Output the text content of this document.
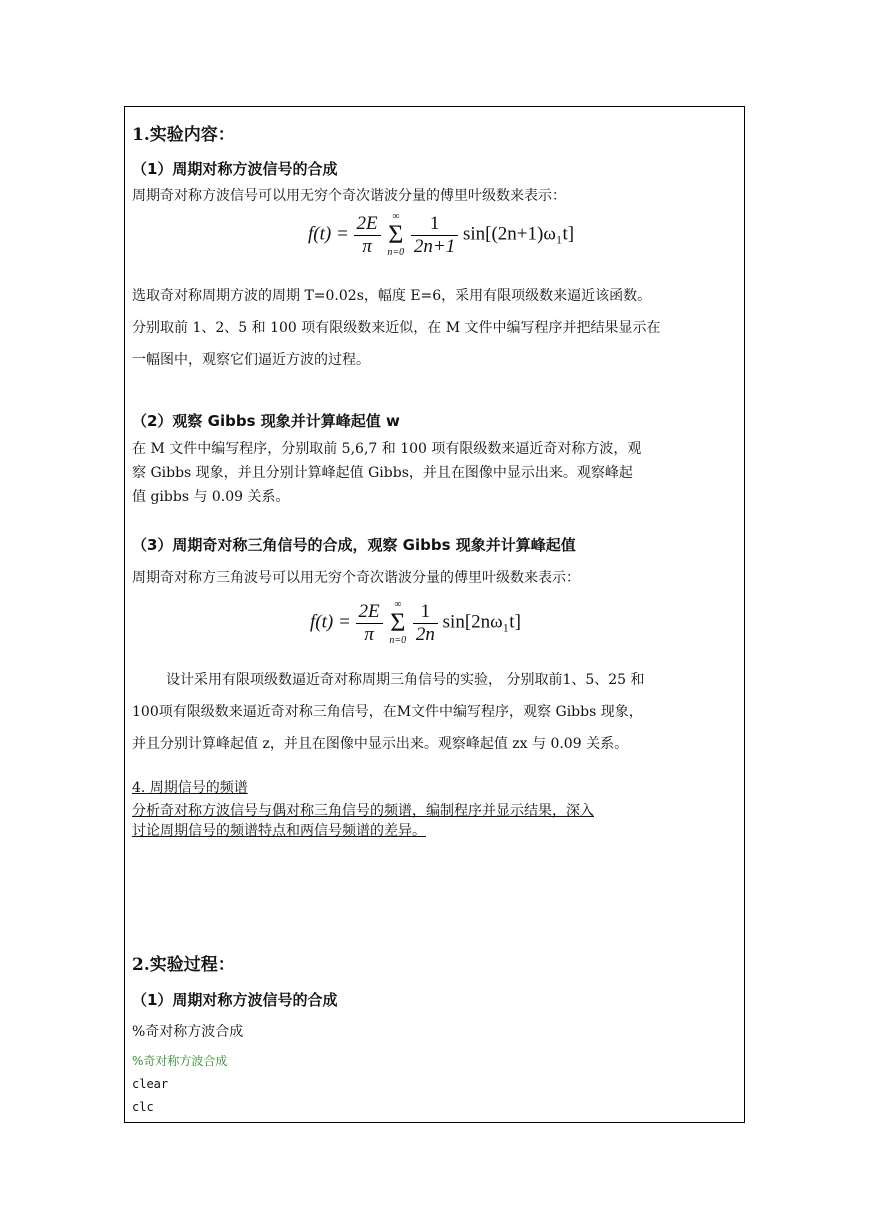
1.实验内容：
（1）周期对称方波信号的合成
周期奇对称方波信号可以用无穷个奇次谐波分量的傅里叶级数来表示：
$f(t) = \frac{2E}{\pi}$
	∞
Σ
n=0
$\frac{1}{2n+1} \sin[(2n+1)\omega_1t]$
选取奇对称周期方波的周期 T=0.02s，幅度 E=6，采用有限项级数来逼近该函数。
分别取前 1、2、5 和 100 项有限级数来近似，在 M 文件中编写程序并把结果显示在
一幅图中，观察它们逼近方波的过程。
（2）观察 Gibbs 现象并计算峰起值 w
在 M 文件中编写程序，分别取前 5,6,7 和 100 项有限级数来逼近奇对称方波，观
察 Gibbs 现象，并且分别计算峰起值 Gibbs，并且在图像中显示出来。观察峰起
值 gibbs 与 0.09 关系。
（3）周期奇对称三角信号的合成，观察 Gibbs 现象并计算峰起值
周期奇对称方三角波号可以用无穷个奇次谐波分量的傅里叶级数来表示：
$f(t) = \frac{2E}{\pi}$
	∞
Σ
n=0
$\frac{1}{2n} \sin[2n\omega_1t]$
设计采用有限项级数逼近奇对称周期三角信号的实验， 分别取前1、5、25 和
100项有限级数来逼近奇对称三角信号，在M文件中编写程序，观察 Gibbs 现象，
并且分别计算峰起值 z，并且在图像中显示出来。观察峰起值 zx 与 0.09 关系。
4. 周期信号的频谱
分析奇对称方波信号与偶对称三角信号的频谱，编制程序并显示结果，深入
讨论周期信号的频谱特点和两信号频谱的差异。
2.实验过程：
（1）周期对称方波信号的合成
%奇对称方波合成
%奇对称方波合成
clear
clc
